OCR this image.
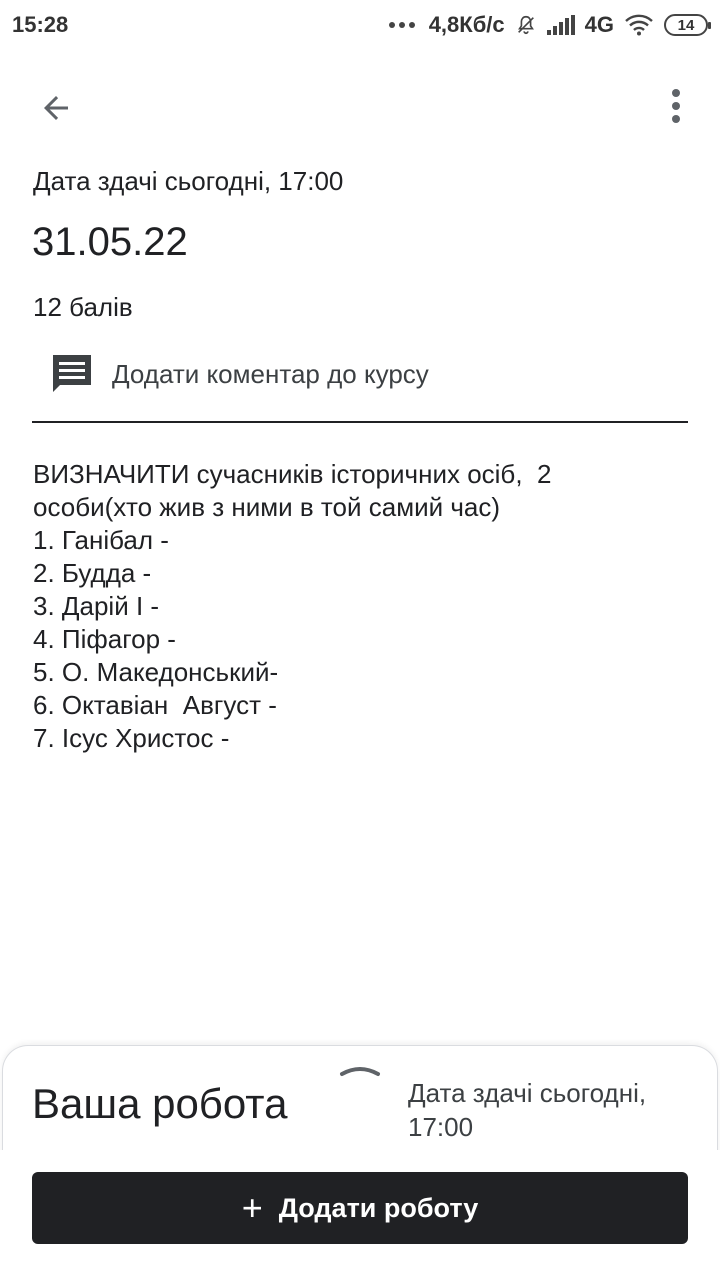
15:28	4,8Кб/с	4G	14
Дата здачі сьогодні, 17:00
31.05.22
12 балів
Додати коментар до курсу
ВИЗНАЧИТИ сучасників історичних осіб,  2
особи(хто жив з ними в той самий час)
1. Ганібал -
2. Будда -
3. Дарій І -
4. Піфагор -
5. О. Македонський-
6. Октавіан  Август -
7. Ісус Христос -
Ваша робота	Дата здачі сьогодні,
17:00
+ Додати роботу
